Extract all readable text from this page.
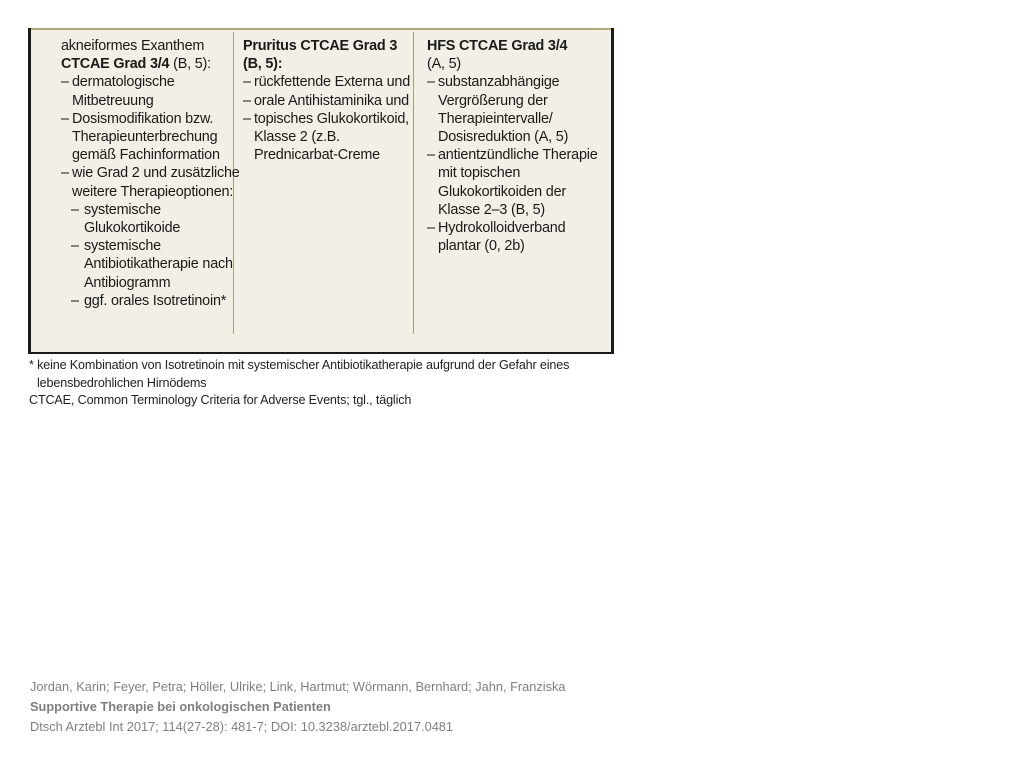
akneiformes Exanthem
CTCAE Grad 3/4 (B, 5):
– dermatologische Mitbetreuung
– Dosismodifikation bzw. Therapieunterbrechung gemäß Fachinformation
– wie Grad 2 und zusätzliche weitere Therapieoptionen:
– systemische Glukokortikoide
– systemische Antibiotikatherapie nach Antibiogramm
– ggf. orales Isotretinoin*
Pruritus CTCAE Grad 3 (B, 5):
– rückfettende Externa und
– orale Antihistaminika und
– topisches Glukokortikoid, Klasse 2 (z.B. Prednicarbat-Creme
HFS CTCAE Grad 3/4
(A, 5)
– substanzabhängige Vergrößerung der Therapieintervalle/ Dosisreduktion (A, 5)
– antientzündliche Therapie mit topischen Glukokortikoiden der Klasse 2–3 (B, 5)
– Hydrokolloidverband plantar (0, 2b)
* keine Kombination von Isotretinoin mit systemischer Antibiotikatherapie aufgrund der Gefahr eines
lebensbedrohlichen Hirnödems
CTCAE, Common Terminology Criteria for Adverse Events; tgl., täglich
Jordan, Karin; Feyer, Petra; Höller, Ulrike; Link, Hartmut; Wörmann, Bernhard; Jahn, Franziska
Supportive Therapie bei onkologischen Patienten
Dtsch Arztebl Int 2017; 114(27-28): 481-7; DOI: 10.3238/arztebl.2017.0481
